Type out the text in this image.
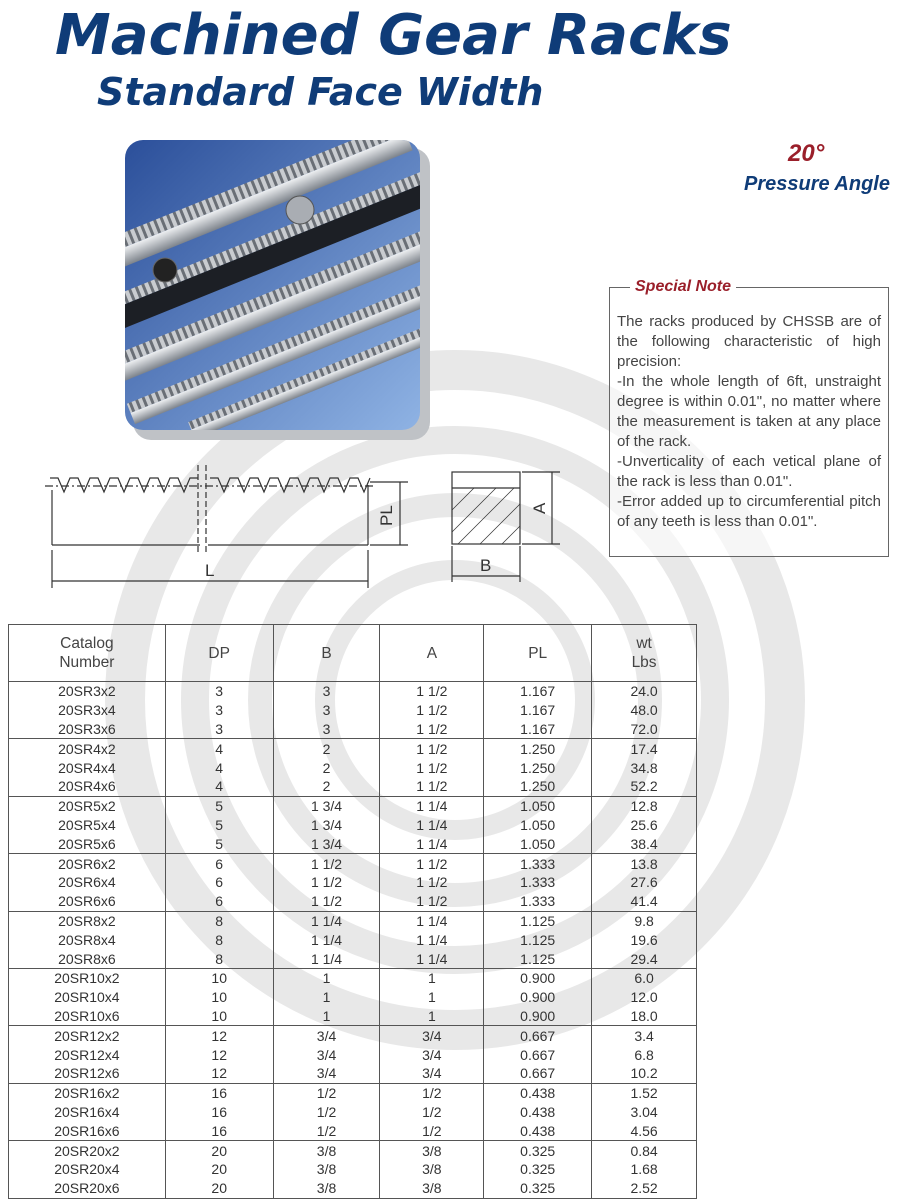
Machined Gear Racks
Standard Face Width
20°
Pressure Angle
Special Note

The racks produced by CHSSB are of the following characteristic of high precision:

-In the whole length of 6ft, unstraight degree is within 0.01", no matter where the measurement is taken at any place of the rack.

-Unverticality of each vetical plane of the rack is less than 0.01".

-Error added up to circumferential pitch of any teeth is less than 0.01".

L
PL	A
B
Catalog
Number	DP	B	A	PL	wt
Lbs
20SR3x2	3	3	1 1/2	1.167	24.0
20SR3x4	3	3	1 1/2	1.167	48.0
20SR3x6	3	3	1 1/2	1.167	72.0
20SR4x2	4	2	1 1/2	1.250	17.4
20SR4x4	4	2	1 1/2	1.250	34.8
20SR4x6	4	2	1 1/2	1.250	52.2
20SR5x2	5	1 3/4	1 1/4	1.050	12.8
20SR5x4	5	1 3/4	1 1/4	1.050	25.6
20SR5x6	5	1 3/4	1 1/4	1.050	38.4
20SR6x2	6	1 1/2	1 1/2	1.333	13.8
20SR6x4	6	1 1/2	1 1/2	1.333	27.6
20SR6x6	6	1 1/2	1 1/2	1.333	41.4
20SR8x2	8	1 1/4	1 1/4	1.125	9.8
20SR8x4	8	1 1/4	1 1/4	1.125	19.6
20SR8x6	8	1 1/4	1 1/4	1.125	29.4
20SR10x2	10	1	1	0.900	6.0
20SR10x4	10	1	1	0.900	12.0
20SR10x6	10	1	1	0.900	18.0
20SR12x2	12	3/4	3/4	0.667	3.4
20SR12x4	12	3/4	3/4	0.667	6.8
20SR12x6	12	3/4	3/4	0.667	10.2
20SR16x2	16	1/2	1/2	0.438	1.52
20SR16x4	16	1/2	1/2	0.438	3.04
20SR16x6	16	1/2	1/2	0.438	4.56
20SR20x2	20	3/8	3/8	0.325	0.84
20SR20x4	20	3/8	3/8	0.325	1.68
20SR20x6	20	3/8	3/8	0.325	2.52
